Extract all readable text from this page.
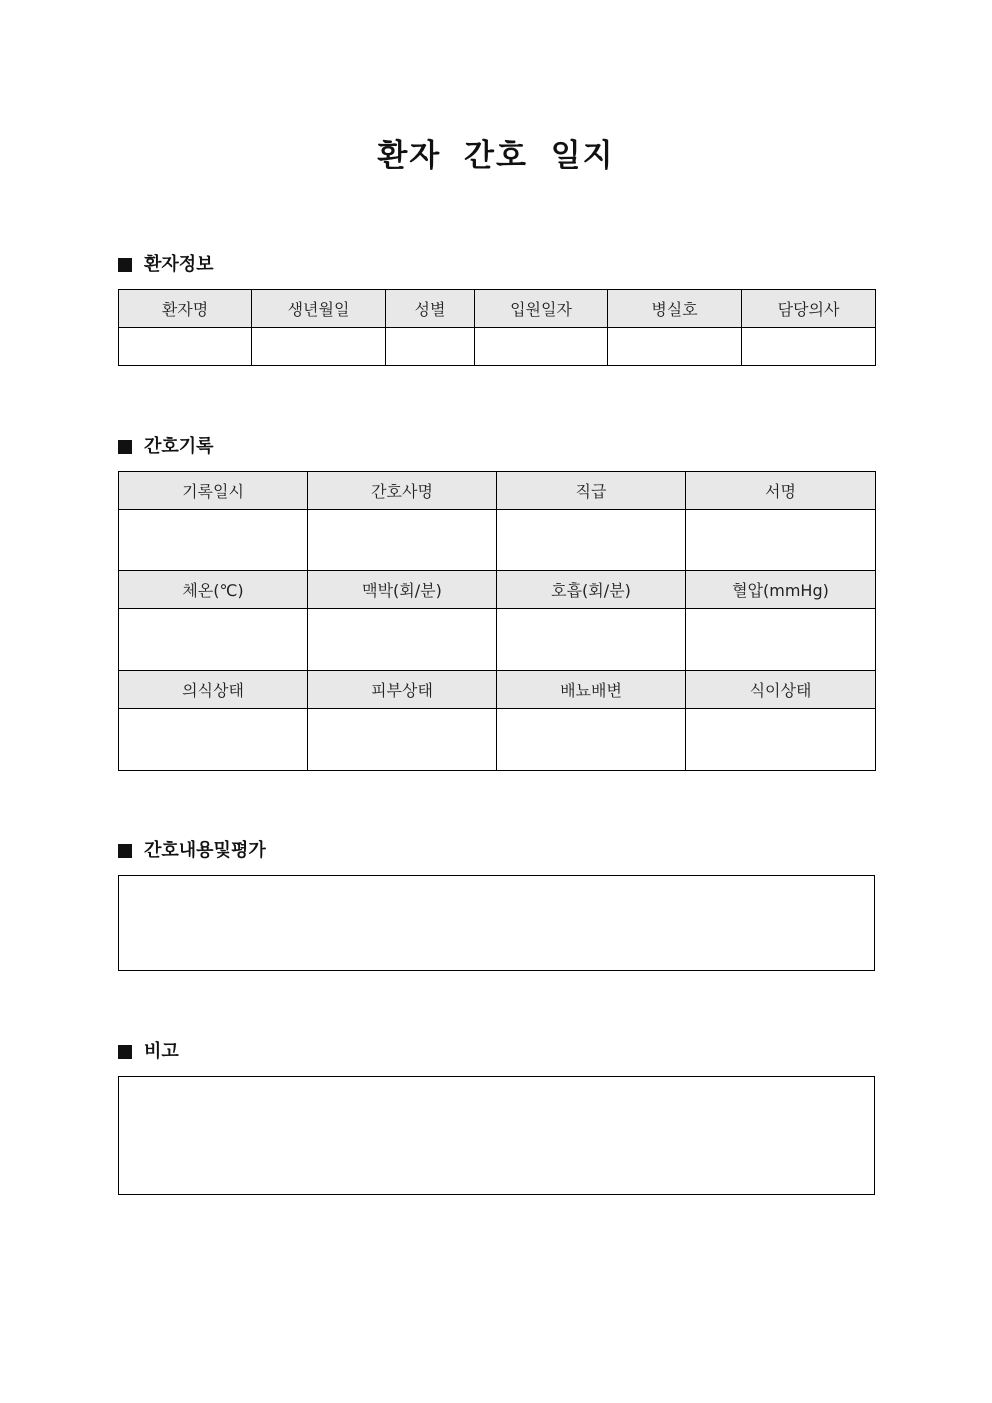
환자 간호 일지
환자정보
환자명	생년월일	성별	입원일자	병실호	담당의사

간호기록
기록일시	간호사명	직급	서명

체온(℃)	맥박(회/분)	호흡(회/분)	혈압(mmHg)

의식상태	피부상태	배뇨배변	식이상태

간호내용및평가
비고
